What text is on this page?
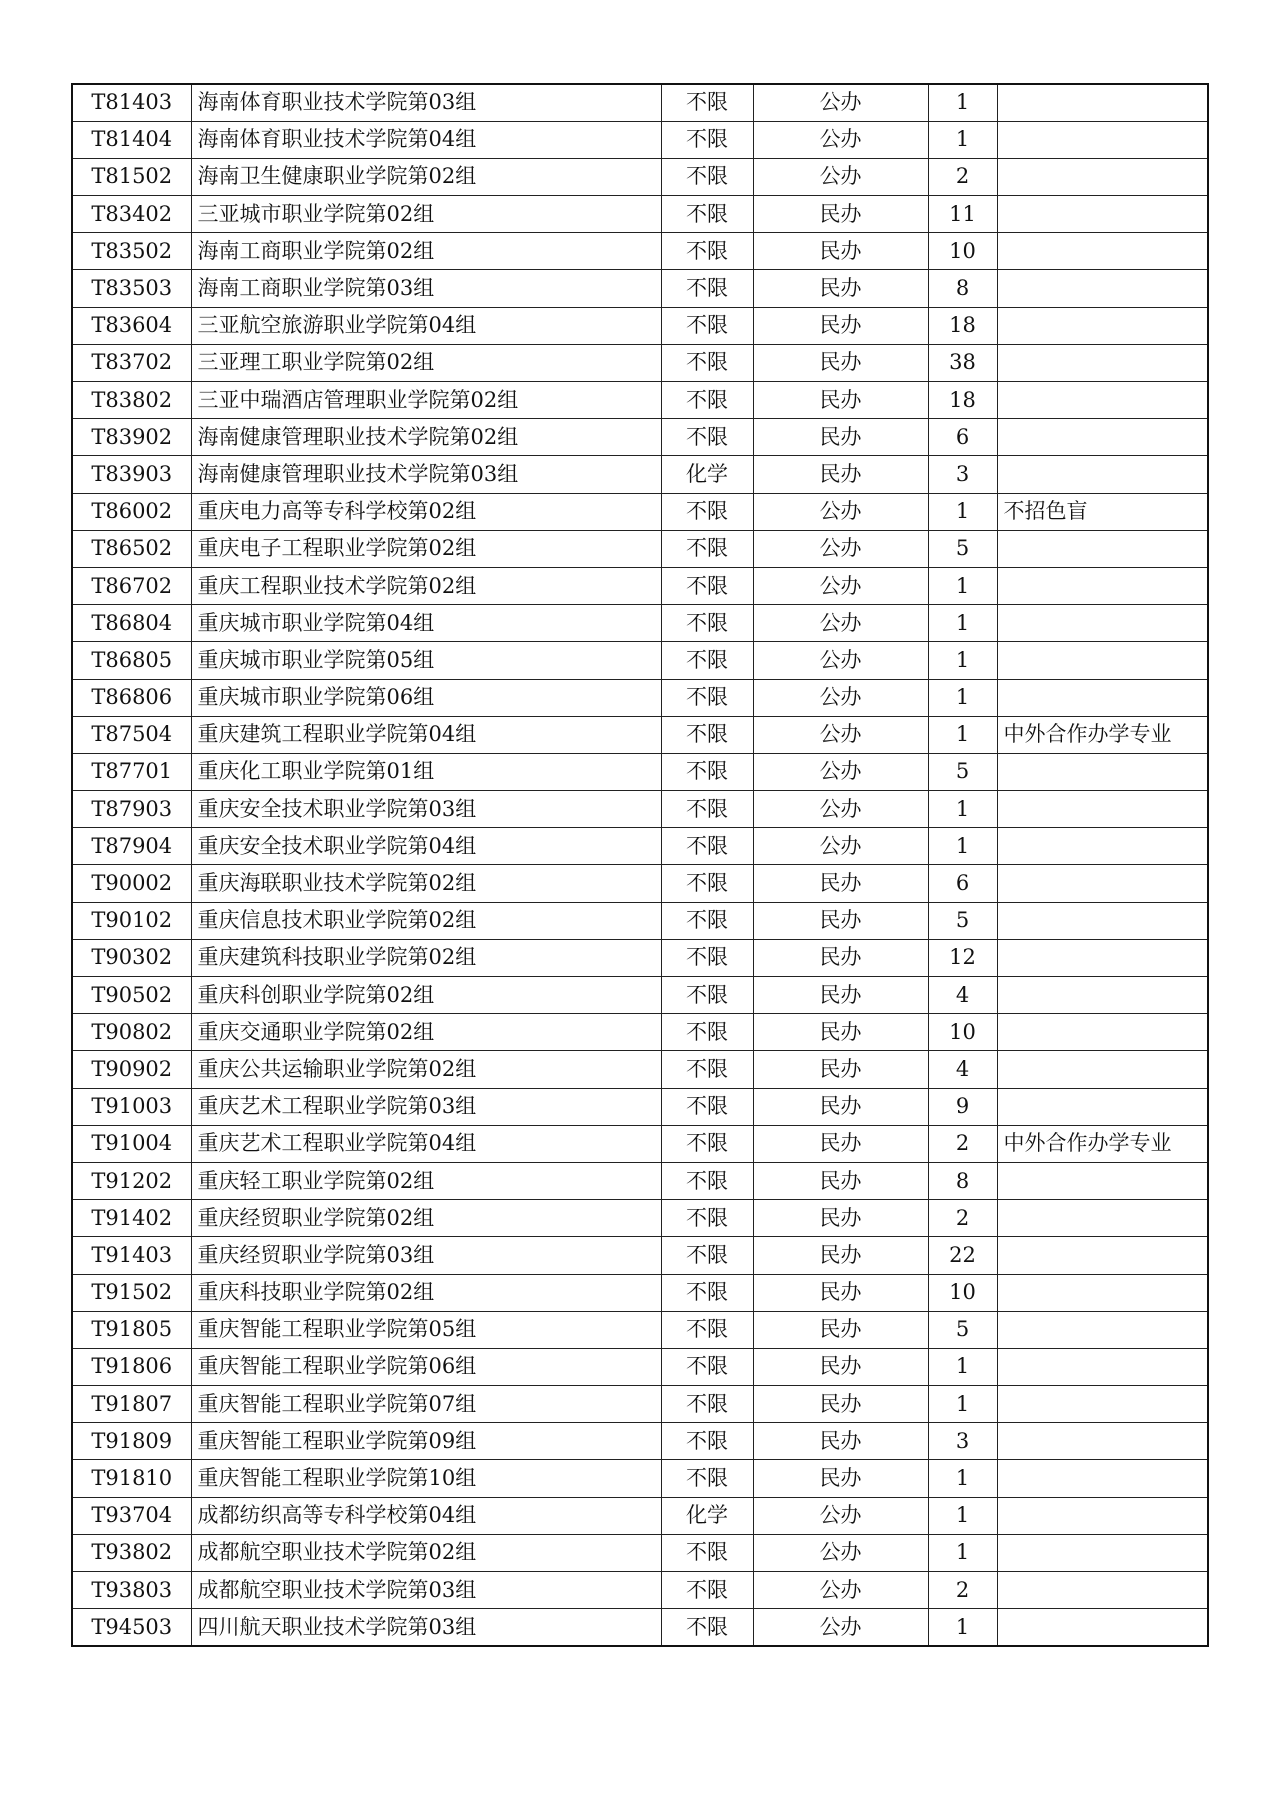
T81403	海南体育职业技术学院第03组	不限	公办	1	
T81404	海南体育职业技术学院第04组	不限	公办	1	
T81502	海南卫生健康职业学院第02组	不限	公办	2	
T83402	三亚城市职业学院第02组	不限	民办	11	
T83502	海南工商职业学院第02组	不限	民办	10	
T83503	海南工商职业学院第03组	不限	民办	8	
T83604	三亚航空旅游职业学院第04组	不限	民办	18	
T83702	三亚理工职业学院第02组	不限	民办	38	
T83802	三亚中瑞酒店管理职业学院第02组	不限	民办	18	
T83902	海南健康管理职业技术学院第02组	不限	民办	6	
T83903	海南健康管理职业技术学院第03组	化学	民办	3	
T86002	重庆电力高等专科学校第02组	不限	公办	1	不招色盲
T86502	重庆电子工程职业学院第02组	不限	公办	5	
T86702	重庆工程职业技术学院第02组	不限	公办	1	
T86804	重庆城市职业学院第04组	不限	公办	1	
T86805	重庆城市职业学院第05组	不限	公办	1	
T86806	重庆城市职业学院第06组	不限	公办	1	
T87504	重庆建筑工程职业学院第04组	不限	公办	1	中外合作办学专业
T87701	重庆化工职业学院第01组	不限	公办	5	
T87903	重庆安全技术职业学院第03组	不限	公办	1	
T87904	重庆安全技术职业学院第04组	不限	公办	1	
T90002	重庆海联职业技术学院第02组	不限	民办	6	
T90102	重庆信息技术职业学院第02组	不限	民办	5	
T90302	重庆建筑科技职业学院第02组	不限	民办	12	
T90502	重庆科创职业学院第02组	不限	民办	4	
T90802	重庆交通职业学院第02组	不限	民办	10	
T90902	重庆公共运输职业学院第02组	不限	民办	4	
T91003	重庆艺术工程职业学院第03组	不限	民办	9	
T91004	重庆艺术工程职业学院第04组	不限	民办	2	中外合作办学专业
T91202	重庆轻工职业学院第02组	不限	民办	8	
T91402	重庆经贸职业学院第02组	不限	民办	2	
T91403	重庆经贸职业学院第03组	不限	民办	22	
T91502	重庆科技职业学院第02组	不限	民办	10	
T91805	重庆智能工程职业学院第05组	不限	民办	5	
T91806	重庆智能工程职业学院第06组	不限	民办	1	
T91807	重庆智能工程职业学院第07组	不限	民办	1	
T91809	重庆智能工程职业学院第09组	不限	民办	3	
T91810	重庆智能工程职业学院第10组	不限	民办	1	
T93704	成都纺织高等专科学校第04组	化学	公办	1	
T93802	成都航空职业技术学院第02组	不限	公办	1	
T93803	成都航空职业技术学院第03组	不限	公办	2	
T94503	四川航天职业技术学院第03组	不限	公办	1	
